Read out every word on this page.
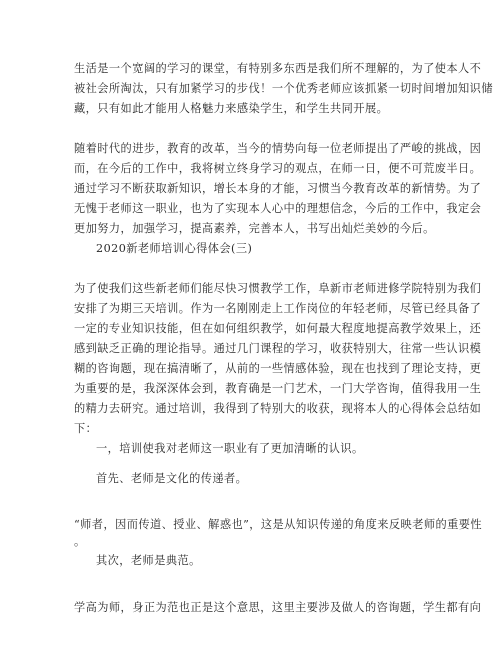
生活是一个宽阔的学习的课堂，有特别多东西是我们所不理解的，为了使本人不
被社会所淘汰，只有加紧学习的步伐！一个优秀老师应该抓紧一切时间增加知识储
藏，只有如此才能用人格魅力来感染学生，和学生共同开展。
随着时代的进步，教育的改革，当今的情势向每一位老师提出了严峻的挑战，因
而，在今后的工作中，我将树立终身学习的观点，在师一日，便不可荒废半日。
通过学习不断获取新知识，增长本身的才能，习惯当今教育改革的新情势。为了
无愧于老师这一职业，也为了实现本人心中的理想信念，今后的工作中，我定会
更加努力，加强学习，提高素养，完善本人，书写出灿烂美妙的今后。
2020新老师培训心得体会(三)
为了使我们这些新老师们能尽快习惯教学工作，阜新市老师进修学院特别为我们
安排了为期三天培训。作为一名刚刚走上工作岗位的年轻老师，尽管已经具备了
一定的专业知识技能，但在如何组织教学，如何最大程度地提高教学效果上，还
感到缺乏正确的理论指导。通过几门课程的学习，收获特别大，往常一些认识模
糊的咨询题，现在搞清晰了，从前的一些情感体验，现在也找到了理论支持，更
为重要的是，我深深体会到，教育确是一门艺术，一门大学咨询，值得我用一生
的精力去研究。通过培训，我得到了特别大的收获，现将本人的心得体会总结如
下：
一，培训使我对老师这一职业有了更加清晰的认识。
首先、老师是文化的传递者。
“师者，因而传道、授业、解惑也”，这是从知识传递的角度来反映老师的重要性
。
其次，老师是典范。
学高为师，身正为范也正是这个意思，这里主要涉及做人的咨询题，学生都有向
